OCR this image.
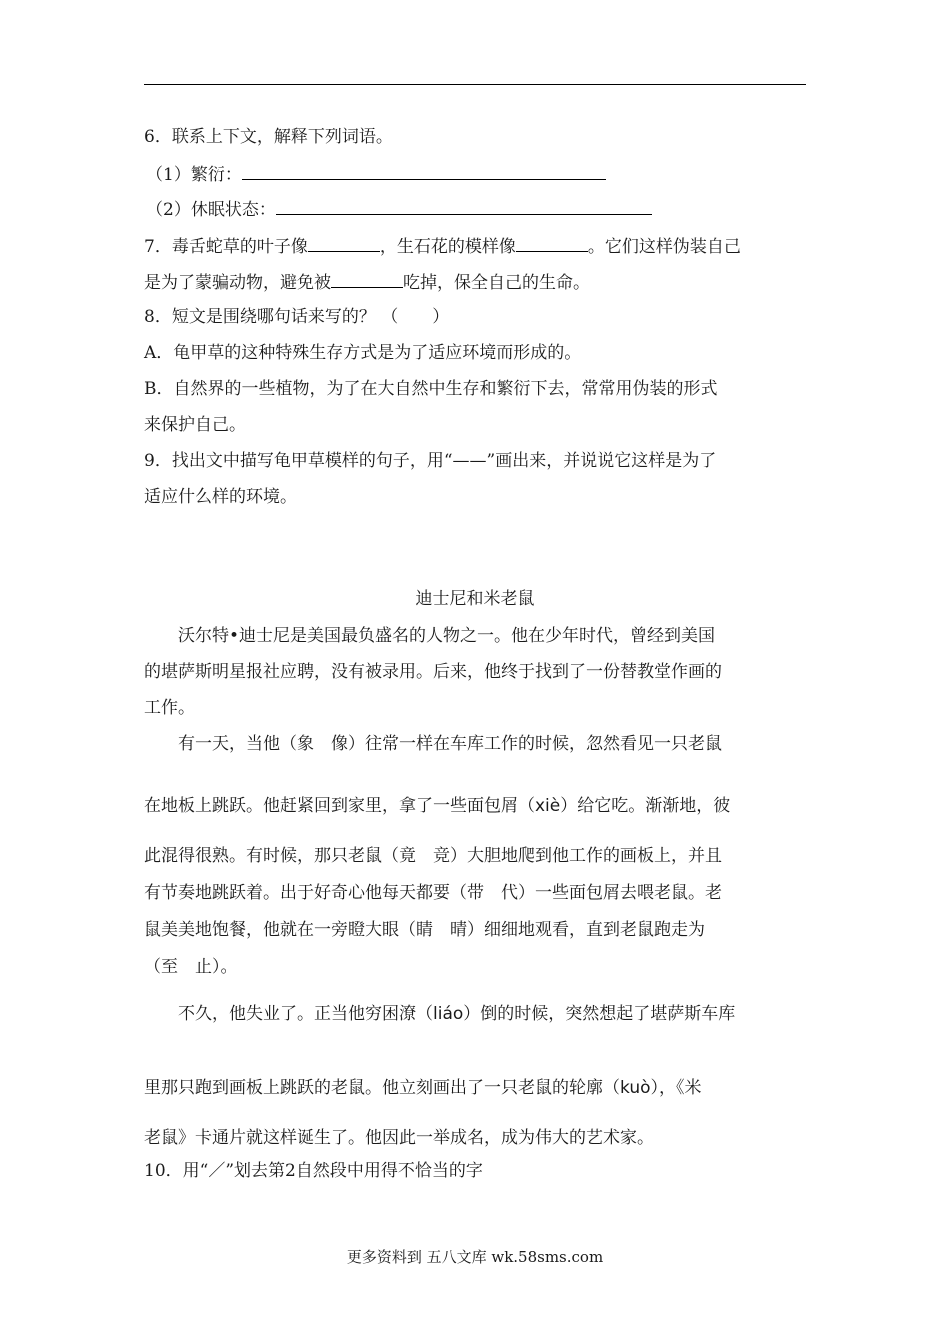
6．联系上下文，解释下列词语。
（1）繁衍：
（2）休眠状态：
7．毒舌蛇草的叶子像	，生石花的模样像	。它们这样伪装自己
是为了蒙骗动物，避免被	吃掉，保全自己的生命。
8．短文是围绕哪句话来写的？ （　　）
A．龟甲草的这种特殊生存方式是为了适应环境而形成的。
B．自然界的一些植物，为了在大自然中生存和繁衍下去，常常用伪装的形式
来保护自己。
9．找出文中描写龟甲草模样的句子，用“——”画出来，并说说它这样是为了
适应什么样的环境。
迪士尼和米老鼠
沃尔特•迪士尼是美国最负盛名的人物之一。他在少年时代，曾经到美国
的堪萨斯明星报社应聘，没有被录用。后来，他终于找到了一份替教堂作画的
工作。
有一天，当他（象　像）往常一样在车库工作的时候，忽然看见一只老鼠
在地板上跳跃。他赶紧回到家里，拿了一些面包屑（xiè）给它吃。渐渐地，彼
此混得很熟。有时候，那只老鼠（竟　竞）大胆地爬到他工作的画板上，并且
有节奏地跳跃着。出于好奇心他每天都要（带　代）一些面包屑去喂老鼠。老
鼠美美地饱餐，他就在一旁瞪大眼（睛　晴）细细地观看，直到老鼠跑走为
（至　止）。
不久，他失业了。正当他穷困潦（liáo）倒的时候，突然想起了堪萨斯车库
里那只跑到画板上跳跃的老鼠。他立刻画出了一只老鼠的轮廓（kuò），《米
老鼠》卡通片就这样诞生了。他因此一举成名，成为伟大的艺术家。
10．用“／”划去第2自然段中用得不恰当的字
更多资料到 五八文库 wk.58sms.com
